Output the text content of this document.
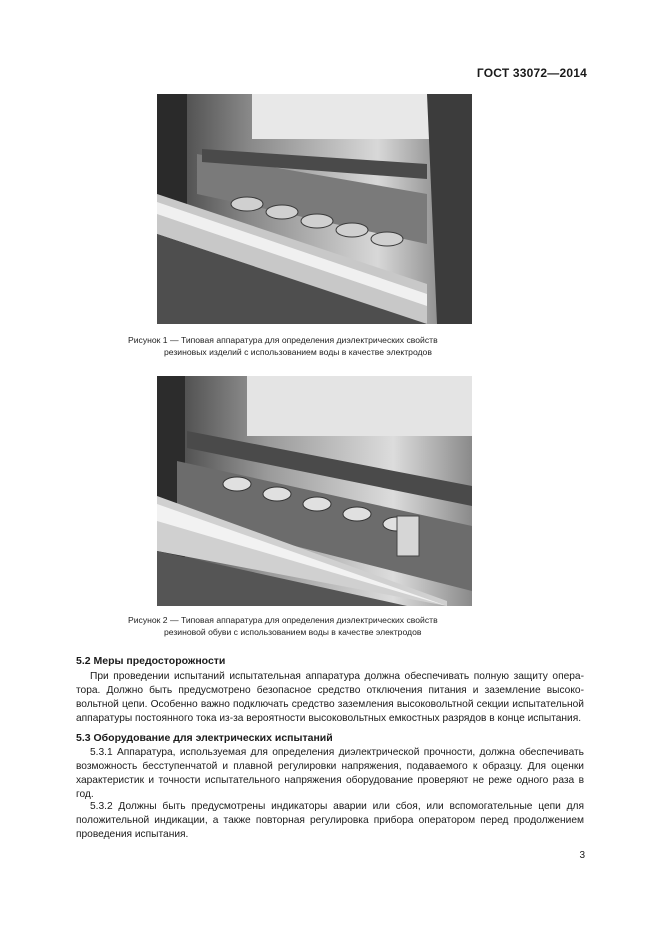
ГОСТ 33072—2014
Рисунок 1 — Типовая аппаратура для определения диэлектрических свойств
резиновых изделий с использованием воды в качестве электродов
Рисунок 2 — Типовая аппаратура для определения диэлектрических свойств
резиновой обуви с использованием воды в качестве электродов
5.2 Меры предосторожности

При проведении испытаний испытательная аппаратура должна обеспечивать полную защиту оператора. Должно быть предусмотрено безопасное средство отключения питания и заземление высоковольтной цепи. Особенно важно подключать средство заземления высоковольтной секции испытательной аппаратуры постоянного тока из-за вероятности высоковольтных емкостных разрядов в конце испытания.

5.3 Оборудование для электрических испытаний

5.3.1 Аппаратура, используемая для определения диэлектрической прочности, должна обеспечивать возможность бесступенчатой и плавной регулировки напряжения, подаваемого к образцу. Для оценки характеристик и точности испытательного напряжения оборудование проверяют не реже одного раза в год.

5.3.2 Должны быть предусмотрены индикаторы аварии или сбоя, или вспомогательные цепи для положительной индикации, а также повторная регулировка прибора оператором перед продолжением проведения испытания.

3
